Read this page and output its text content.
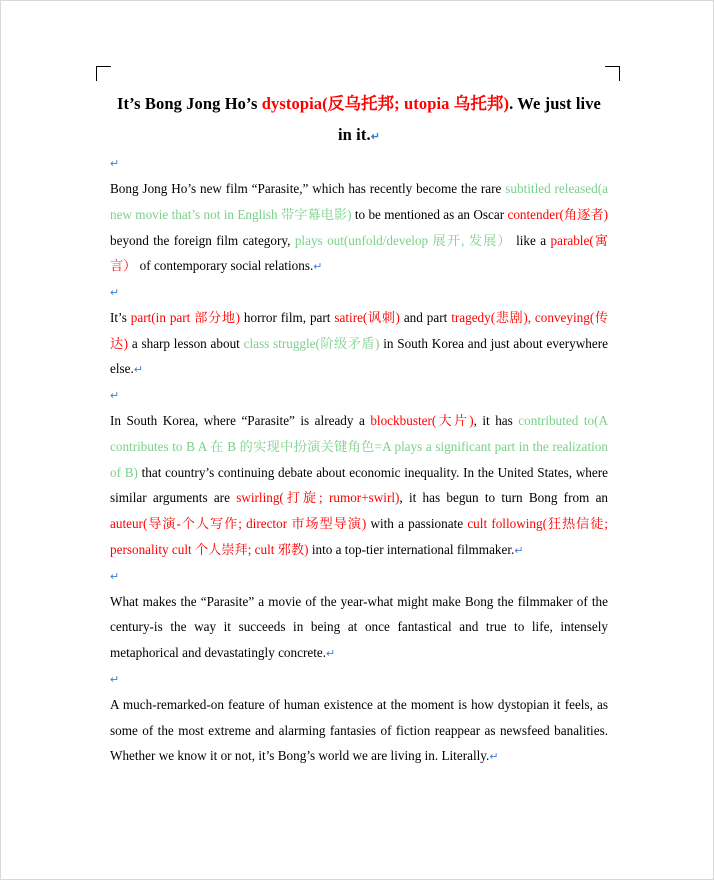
It’s Bong Jong Ho’s dystopia(反乌托邦; utopia 乌托邦). We just live in it.↵

↵

Bong Jong Ho’s new film “Parasite,” which has recently become the rare subtitled released(a new movie that’s not in English 带字幕电影) to be mentioned as an Oscar contender(角逐者) beyond the foreign film category, plays out(unfold/develop 展开, 发展） like a parable(寓言） of contemporary social relations.↵

↵

It’s part(in part 部分地) horror film, part satire(讽刺) and part tragedy(悲剧), conveying(传达) a sharp lesson about class struggle(阶级矛盾) in South Korea and just about everywhere else.↵

↵

In South Korea, where “Parasite” is already a blockbuster(大片), it has contributed to(A contributes to B A 在 B 的实现中扮演关键角色=A plays a significant part in the realization of B) that country’s continuing debate about economic inequality. In the United States, where similar arguments are swirling(打旋; rumor+swirl), it has begun to turn Bong from an auteur(导演-个人写作; director 市场型导演) with a passionate cult following(狂热信徒; personality cult 个人崇拜; cult 邪教) into a top-tier international filmmaker.↵

↵

What makes the “Parasite” a movie of the year-what might make Bong the filmmaker of the century-is the way it succeeds in being at once fantastical and true to life, intensely metaphorical and devastatingly concrete.↵

↵

A much-remarked-on feature of human existence at the moment is how dystopian it feels, as some of the most extreme and alarming fantasies of fiction reappear as newsfeed banalities. Whether we know it or not, it’s Bong’s world we are living in. Literally.↵
